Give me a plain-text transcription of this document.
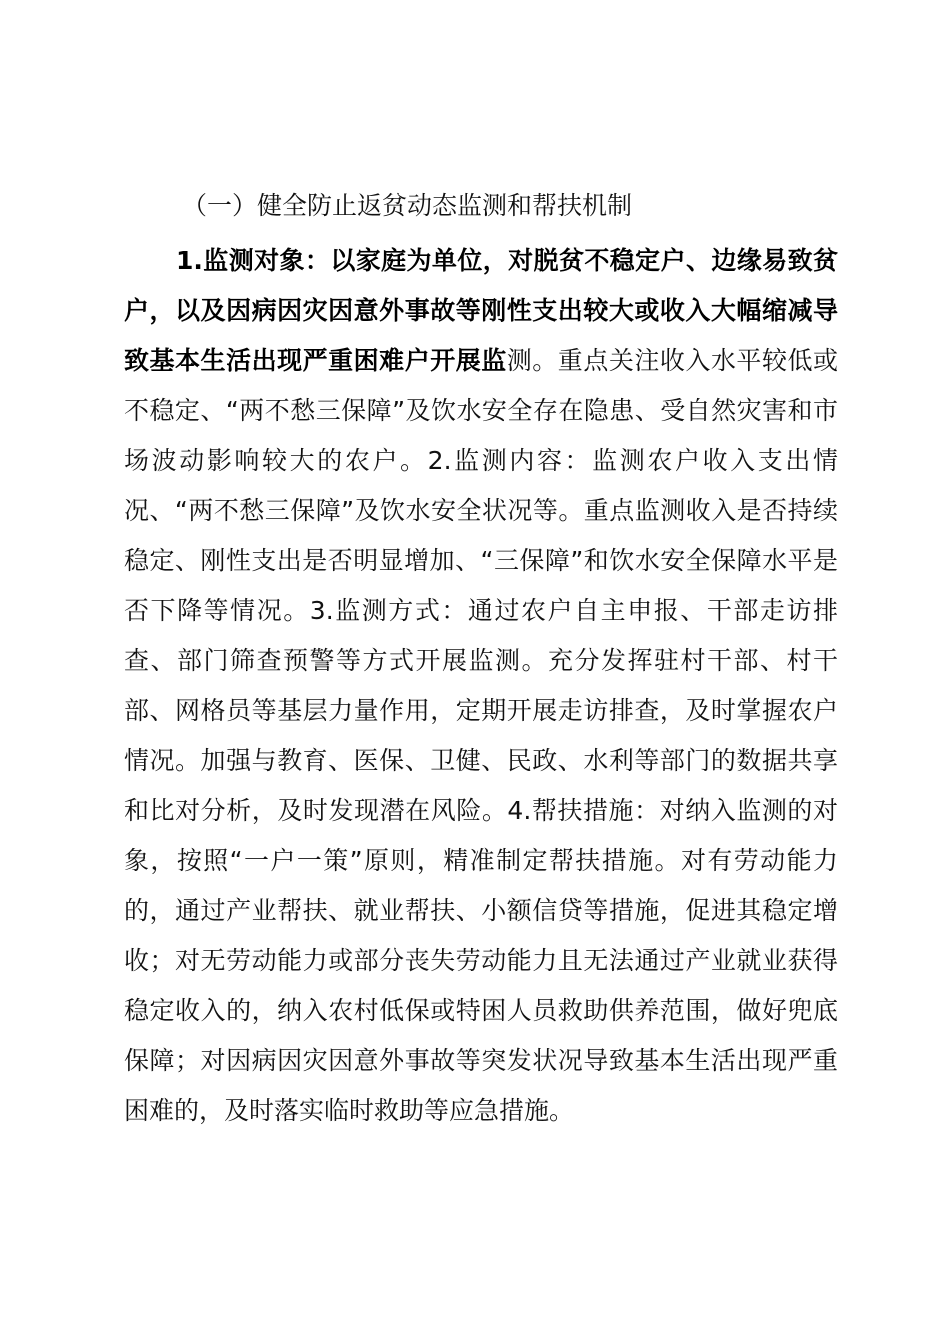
（一）健全防止返贫动态监测和帮扶机制

1.监测对象：以家庭为单位，对脱贫不稳定户、边缘易致贫户，以及因病因灾因意外事故等刚性支出较大或收入大幅缩减导致基本生活出现严重困难户开展监测。重点关注收入水平较低或不稳定、“两不愁三保障”及饮水安全存在隐患、受自然灾害和市场波动影响较大的农户。2.监测内容：监测农户收入支出情况、“两不愁三保障”及饮水安全状况等。重点监测收入是否持续稳定、刚性支出是否明显增加、“三保障”和饮水安全保障水平是否下降等情况。3.监测方式：通过农户自主申报、干部走访排查、部门筛查预警等方式开展监测。充分发挥驻村干部、村干部、网格员等基层力量作用，定期开展走访排查，及时掌握农户情况。加强与教育、医保、卫健、民政、水利等部门的数据共享和比对分析，及时发现潜在风险。4.帮扶措施：对纳入监测的对象，按照“一户一策”原则，精准制定帮扶措施。对有劳动能力的，通过产业帮扶、就业帮扶、小额信贷等措施，促进其稳定增收；对无劳动能力或部分丧失劳动能力且无法通过产业就业获得稳定收入的，纳入农村低保或特困人员救助供养范围，做好兜底保障；对因病因灾因意外事故等突发状况导致基本生活出现严重困难的，及时落实临时救助等应急措施。
